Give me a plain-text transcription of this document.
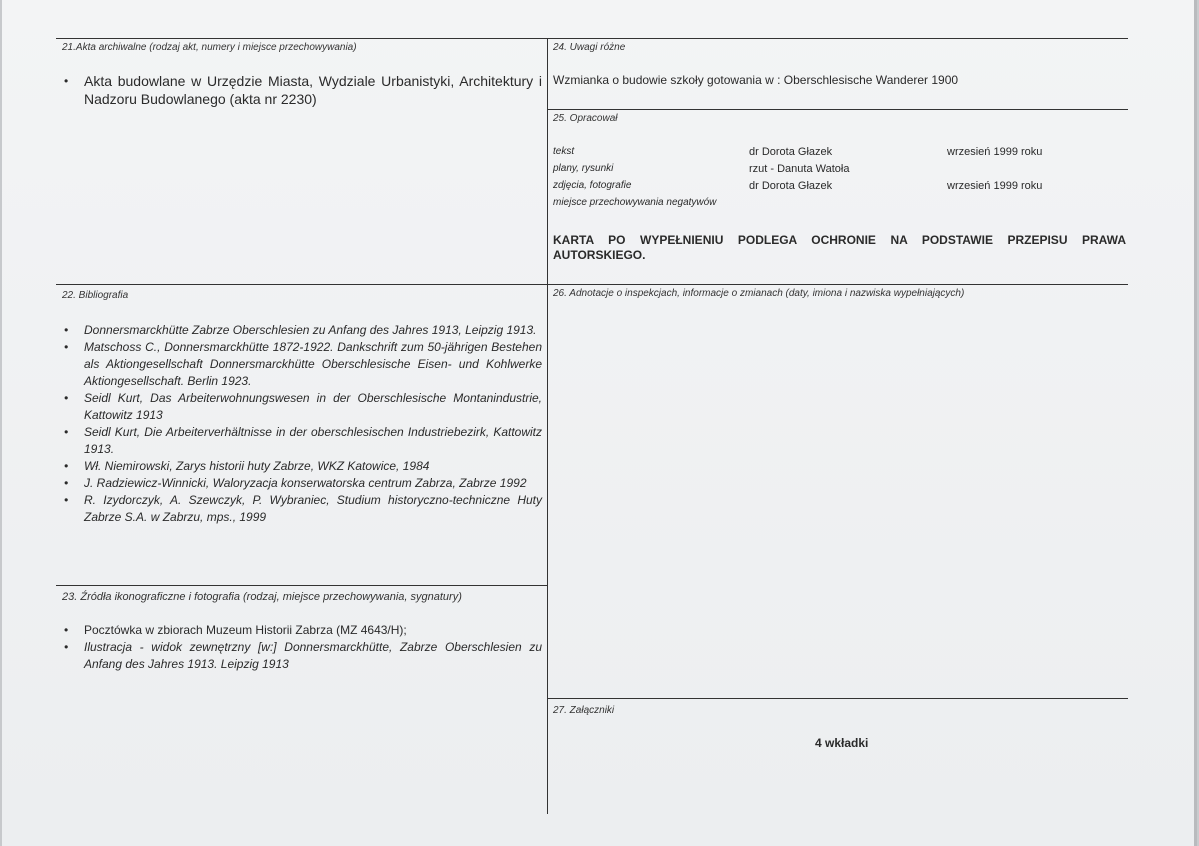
21.Akta archiwalne (rodzaj akt, numery i miejsce przechowywania)
• Akta budowlane w Urzędzie Miasta, Wydziale Urbanistyki, Architektury i Nadzoru Budowlanego (akta nr 2230)
24. Uwagi różne
Wzmianka o budowie szkoły gotowania w : Oberschlesische Wanderer 1900
25. Opracował
tekst	dr Dorota Głazek	wrzesień 1999 roku
plany, rysunki	rzut - Danuta Watoła
zdjęcia, fotografie	dr Dorota Głazek	wrzesień 1999 roku
miejsce przechowywania negatywów
KARTA PO WYPEŁNIENIU PODLEGA OCHRONIE NA PODSTAWIE PRZEPISU PRAWA AUTORSKIEGO.
22. Bibliografia
• Donnersmarckhütte Zabrze Oberschlesien zu Anfang des Jahres 1913, Leipzig 1913.
• Matschoss C., Donnersmarckhütte 1872-1922. Dankschrift zum 50-jährigen Bestehen als Aktiongesellschaft Donnersmarckhütte Oberschlesische Eisen- und Kohlwerke Aktiongesellschaft. Berlin 1923.
• Seidl Kurt, Das Arbeiterwohnungswesen in der Oberschlesische Montanindustrie, Kattowitz 1913
• Seidl Kurt, Die Arbeiterverhältnisse in der oberschlesischen Industriebezirk, Kattowitz 1913.
• Wł. Niemirowski, Zarys historii huty Zabrze, WKZ Katowice, 1984
• J. Radziewicz-Winnicki, Waloryzacja konserwatorska centrum Zabrza, Zabrze 1992
• R. Izydorczyk, A. Szewczyk, P. Wybraniec, Studium historyczno-techniczne Huty Zabrze S.A. w Zabrzu, mps., 1999
26. Adnotacje o inspekcjach, informacje o zmianach (daty, imiona i nazwiska wypełniających)
23. Źródła ikonograficzne i fotografia (rodzaj, miejsce przechowywania, sygnatury)
• Pocztówka w zbiorach Muzeum Historii Zabrza (MZ 4643/H);
• Ilustracja - widok zewnętrzny [w:] Donnersmarckhütte, Zabrze Oberschlesien zu Anfang des Jahres 1913. Leipzig 1913
27. Załączniki
4 wkładki
